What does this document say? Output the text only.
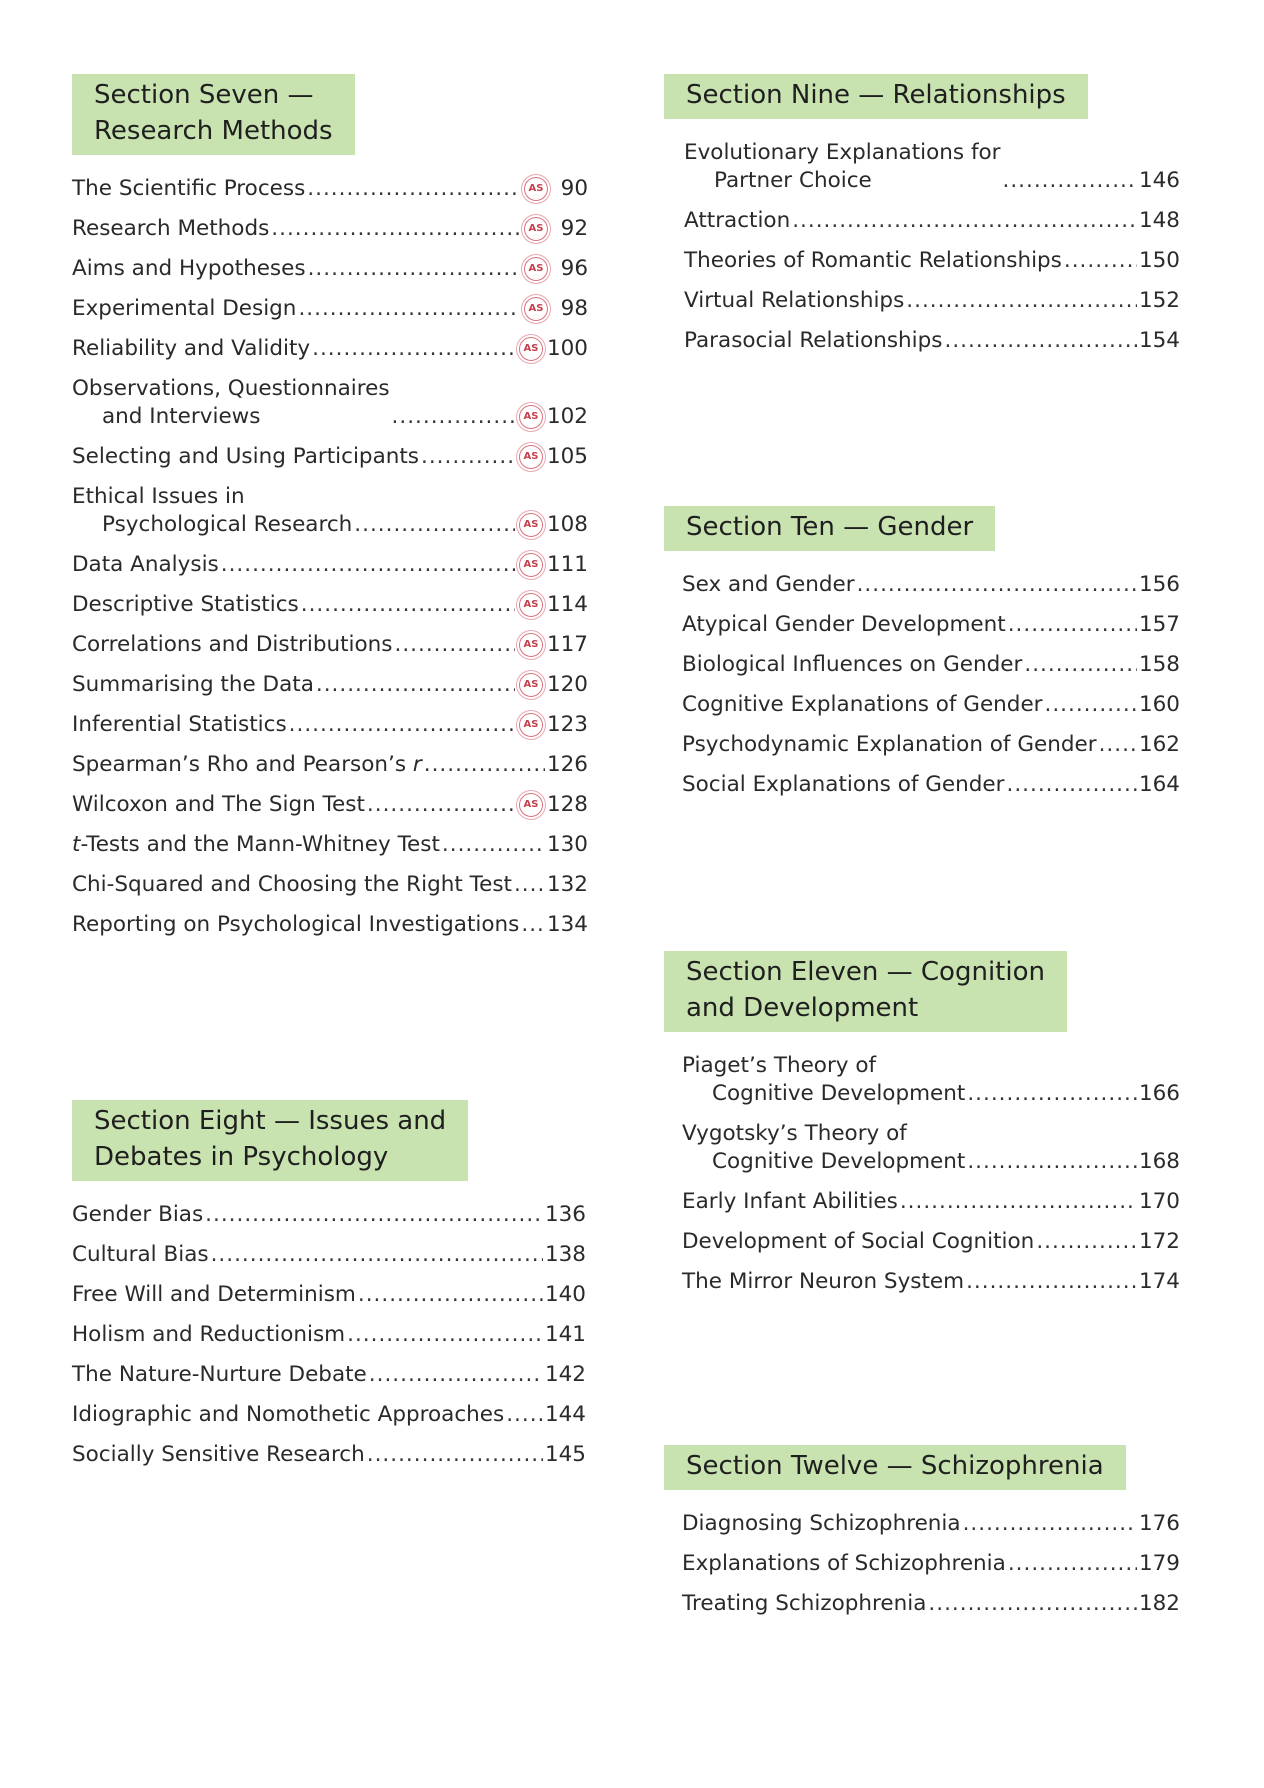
Section Seven —
Research Methods
The Scientific Process .....	AS 90
Research Methods .....	AS 92
Aims and Hypotheses .....	AS 96
Experimental Design .....	AS 98
Reliability and Validity .....	AS 100
Observations, Questionnaires
and Interviews .....	AS 102
Selecting and Using Participants .....	AS 105
Ethical Issues in
Psychological Research .....	AS 108
Data Analysis .....	AS 111
Descriptive Statistics .....	AS 114
Correlations and Distributions .....	AS 117
Summarising the Data .....	AS 120
Inferential Statistics .....	AS 123
Spearman’s Rho and Pearson’s r .....	126
Wilcoxon and The Sign Test .....	AS 128
t-Tests and the Mann-Whitney Test .....	130
Chi-Squared and Choosing the Right Test ..... 132
Reporting on Psychological Investigations ..... 134
Section Eight — Issues and
Debates in Psychology
Gender Bias .....	136
Cultural Bias .....	138
Free Will and Determinism .....	140
Holism and Reductionism .....	141
The Nature-Nurture Debate .....	142
Idiographic and Nomothetic Approaches ..... 144
Socially Sensitive Research .....	145
Section Nine — Relationships
Evolutionary Explanations for
Partner Choice .....	146
Attraction .....	148
Theories of Romantic Relationships .....	150
Virtual Relationships .....	152
Parasocial Relationships .....	154
Section Ten — Gender
Sex and Gender .....	156
Atypical Gender Development .....	157
Biological Influences on Gender .....	158
Cognitive Explanations of Gender .....	160
Psychodynamic Explanation of Gender ..... 162
Social Explanations of Gender .....	164
Section Eleven — Cognition
and Development
Piaget’s Theory of
Cognitive Development .....	166
Vygotsky’s Theory of
Cognitive Development .....	168
Early Infant Abilities .....	170
Development of Social Cognition .....	172
The Mirror Neuron System .....	174
Section Twelve — Schizophrenia
Diagnosing Schizophrenia .....	176
Explanations of Schizophrenia .....	179
Treating Schizophrenia .....	182
